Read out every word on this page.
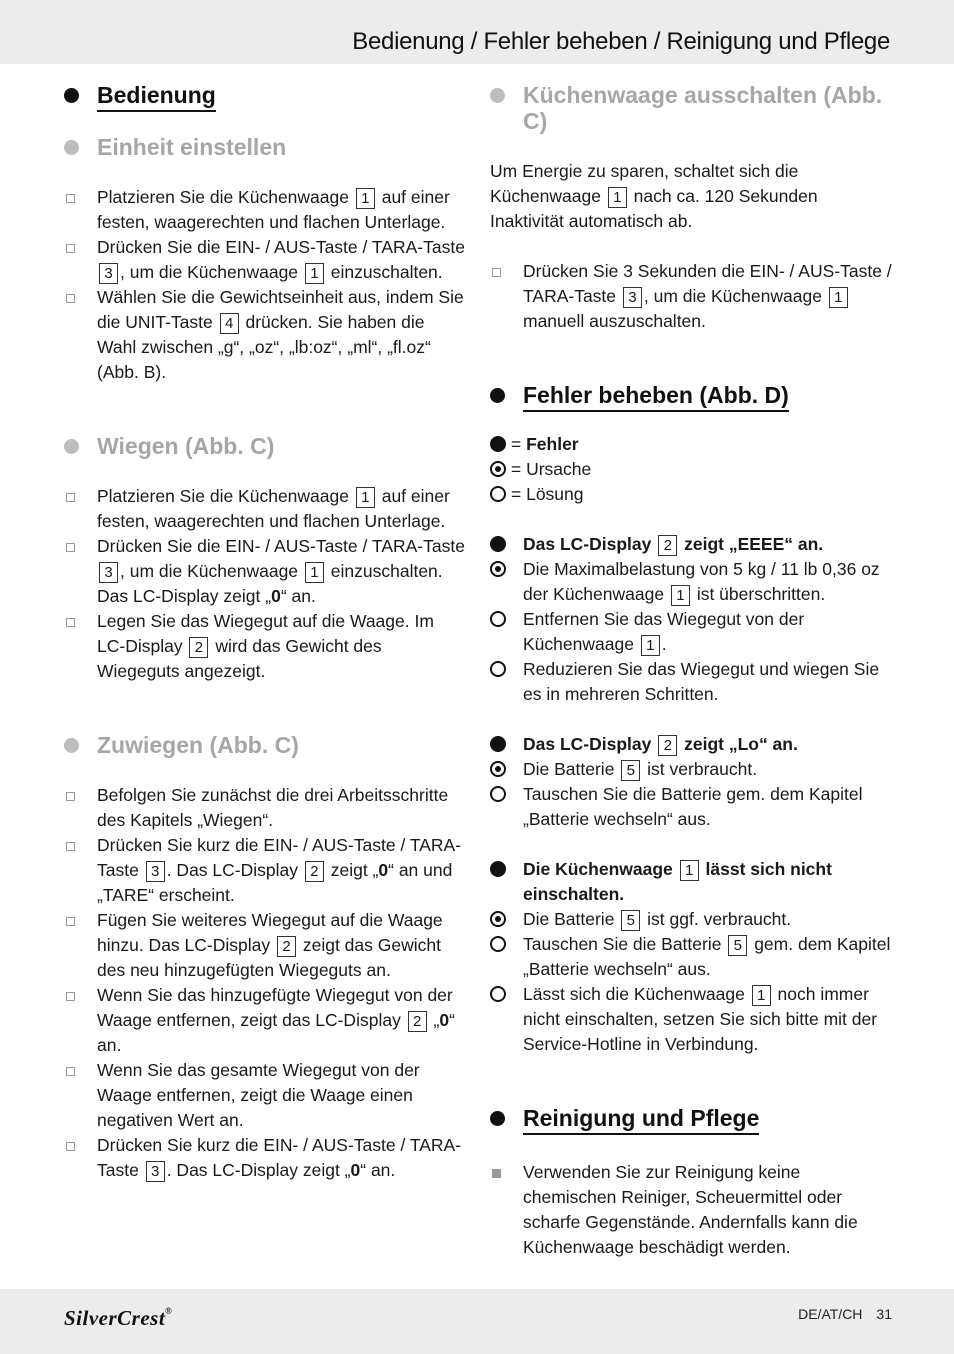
Bedienung / Fehler beheben / Reinigung und Pflege
Bedienung
Einheit einstellen
Platzieren Sie die Küchenwaage 1 auf einer festen, waagerechten und flachen Unterlage.
Drücken Sie die EIN- / AUS-Taste / TARA-Taste 3 , um die Küchenwaage 1 einzuschalten.
Wählen Sie die Gewichtseinheit aus, indem Sie die UNIT-Taste 4 drücken. Sie haben die Wahl zwischen „g“, „oz“, „lb:oz“, „ml“, „fl.oz“ (Abb. B).
Wiegen (Abb. C)
Platzieren Sie die Küchenwaage 1 auf einer festen, waagerechten und flachen Unterlage.
Drücken Sie die EIN- / AUS-Taste / TARA-Taste 3 , um die Küchenwaage 1 einzuschalten. Das LC-Display zeigt „0“ an.
Legen Sie das Wiegegut auf die Waage. Im LC-Display 2 wird das Gewicht des Wiegeguts angezeigt.
Zuwiegen (Abb. C)
Befolgen Sie zunächst die drei Arbeitsschritte des Kapitels „Wiegen“.
Drücken Sie kurz die EIN- / AUS-Taste / TARA-Taste 3 . Das LC-Display 2 zeigt „0“ an und „TARE“ erscheint.
Fügen Sie weiteres Wiegegut auf die Waage hinzu. Das LC-Display 2 zeigt das Gewicht des neu hinzugefügten Wiegeguts an.
Wenn Sie das hinzugefügte Wiegegut von der Waage entfernen, zeigt das LC-Display 2 „0“ an.
Wenn Sie das gesamte Wiegegut von der Waage entfernen, zeigt die Waage einen negativen Wert an.
Drücken Sie kurz die EIN- / AUS-Taste / TARA-Taste 3 . Das LC-Display zeigt „0“ an.
Küchenwaage ausschalten (Abb. C)
Um Energie zu sparen, schaltet sich die Küchenwaage 1 nach ca. 120 Sekunden Inaktivität automatisch ab.
Drücken Sie 3 Sekunden die EIN- / AUS-Taste / TARA-Taste 3 , um die Küchenwaage 1 manuell auszuschalten.
Fehler beheben (Abb. D)
= Fehler
= Ursache
= Lösung
Das LC-Display 2 zeigt „EEEE“ an.
Die Maximalbelastung von 5 kg / 11 lb 0,36 oz der Küchenwaage 1 ist überschritten.
Entfernen Sie das Wiegegut von der Küchenwaage 1 .
Reduzieren Sie das Wiegegut und wiegen Sie es in mehreren Schritten.
Das LC-Display 2 zeigt „Lo“ an.
Die Batterie 5 ist verbraucht.
Tauschen Sie die Batterie gem. dem Kapitel „Batterie wechseln“ aus.
Die Küchenwaage 1 lässt sich nicht einschalten.
Die Batterie 5 ist ggf. verbraucht.
Tauschen Sie die Batterie 5 gem. dem Kapitel „Batterie wechseln“ aus.
Lässt sich die Küchenwaage 1 noch immer nicht einschalten, setzen Sie sich bitte mit der Service-Hotline in Verbindung.
Reinigung und Pflege
Verwenden Sie zur Reinigung keine chemischen Reiniger, Scheuermittel oder scharfe Gegenstände. Andernfalls kann die Küchenwaage beschädigt werden.
SilverCrest®	DE/AT/CH 31
